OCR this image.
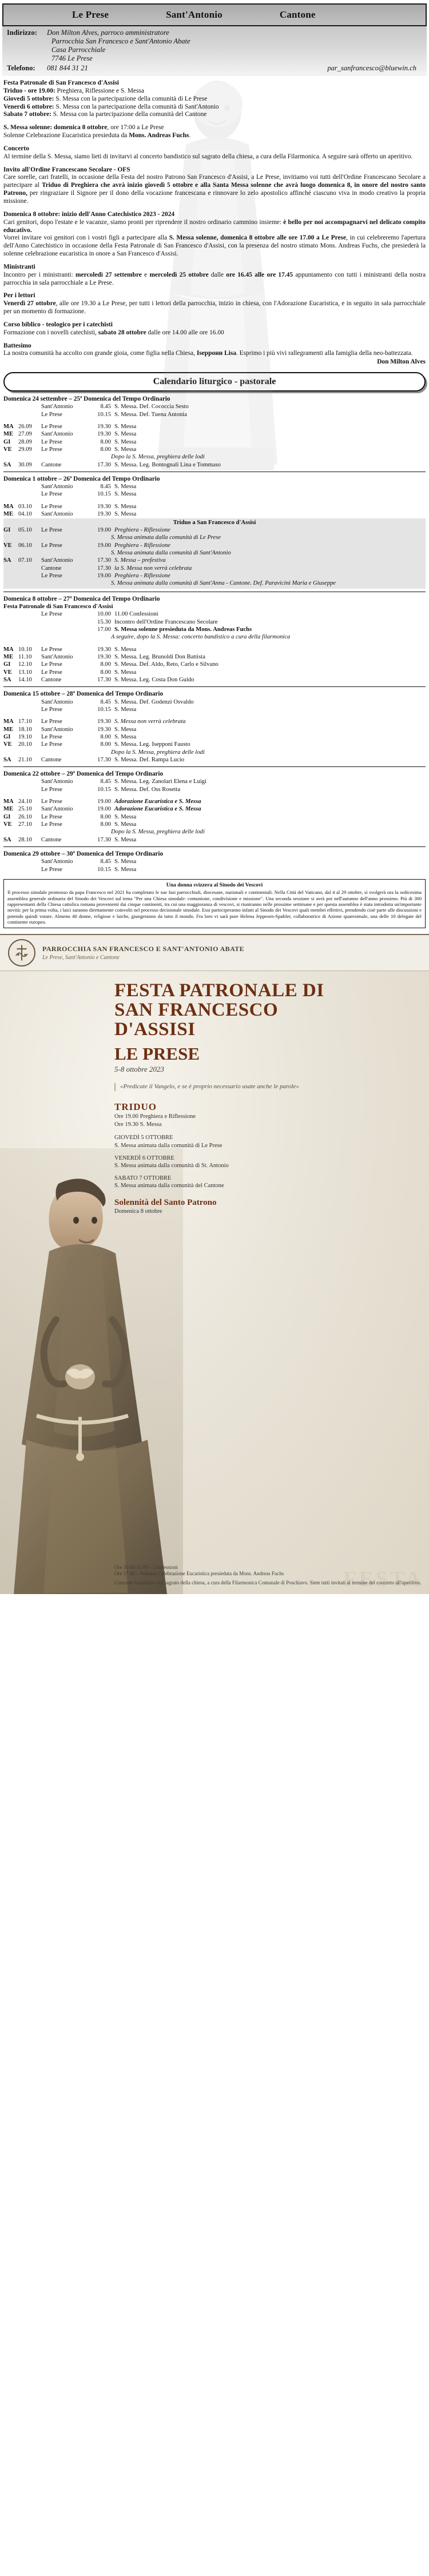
Le Prese	Sant'Antonio	Cantone
Indirizzo:	Don Milton Alves, parroco amministratore
Parrocchia San Francesco e Sant'Antonio Abate
Casa Parrocchiale
7746 Le Prese
Telefono:	081 844 31 21	par_sanfrancesco@bluewin.ch

Festa Patronale di San Francesco d'Assisi

Triduo - ore 19.00: Preghiera, Riflessione e S. Messa

Giovedì 5 ottobre: S. Messa con la partecipazione della comunità di Le Prese

Venerdì 6 ottobre: S. Messa con la partecipazione della comunità di Sant'Antonio

Sabato 7 ottobre: S. Messa con la partecipazione della comunità del Cantone

S. Messa solenne: domenica 8 ottobre, ore 17:00 a Le Prese

Solenne Celebrazione Eucaristica presieduta da Mons. Andreas Fuchs.

Concerto

Al termine della S. Messa, siamo lieti di invitarvi al concerto bandistico sul sagrato della chiesa, a cura della Filarmonica. A seguire sarà offerto un aperitivo.

Invito all'Ordine Francescano Secolare - OFS

Care sorelle, cari fratelli, in occasione della Festa del nostro Patrono San Francesco d'Assisi, a Le Prese, invitiamo voi tutti dell'Ordine Francescano Secolare a partecipare al Triduo di Preghiera che avrà inizio giovedì 5 ottobre e alla Santa Messa solenne che avrà luogo domenica 8, in onore del nostro santo Patrono, per ringraziare il Signore per il dono della vocazione francescana e rinnovare lo zelo apostolico affinché ciascuno viva in modo creativo la propria missione.

Domenica 8 ottobre: inizio dell'Anno Catechistico 2023 - 2024

Cari genitori, dopo l'estate e le vacanze, siamo pronti per riprendere il nostro ordinario cammino insieme: è bello per noi accompagnarvi nel delicato compito educativo.

Vorrei invitare voi genitori con i vostri figli a partecipare alla S. Messa solenne, domenica 8 ottobre alle ore 17.00 a Le Prese, in cui celebreremo l'apertura dell'Anno Catechistico in occasione della Festa Patronale di San Francesco d'Assisi, con la presenza del nostro stimato Mons. Andreas Fuchs, che presiederà la solenne celebrazione eucaristica in onore a San Francesco d'Assisi.

Ministranti

Incontro per i ministranti: mercoledì 27 settembre e mercoledì 25 ottobre dalle ore 16.45 alle ore 17.45 appuntamento con tutti i ministranti della nostra parrocchia in sala parrocchiale a Le Prese.

Per i lettori

Venerdì 27 ottobre, alle ore 19.30 a Le Prese, per tutti i lettori della parrocchia, inizio in chiesa, con l'Adorazione Eucaristica, e in seguito in sala parrocchiale per un momento di formazione.

Corso biblico - teologico per i catechisti

Formazione con i novelli catechisti, sabato 28 ottobre dalle ore 14.00 alle ore 16.00

Battesimo

La nostra comunità ha accolto con grande gioia, come figlia nella Chiesa, Iseppони Lisa. Esprimo i più vivi rallegramenti alla famiglia della neo-battezzata.

Don Milton Alves
Calendario liturgico - pastorale
Domenica 24 settembre – 25ª Domenica del Tempo Ordinario
Sant'Antonio	8.45 S. Messa. Def. Cococcia Sesto
Le Prese	10.15 S. Messa. Def. Tuena Antonia
MA 26.09	Le Prese	19.30 S. Messa
ME 27.09	Sant'Antonio	19.30 S. Messa
GI	28.09	Le Prese	8.00 S. Messa
VE	29.09	Le Prese	8.00 S. Messa
Dopo la S. Messa, preghiera delle lodi
SA	30.09	Cantone	17.30 S. Messa. Leg. Bontognali Lina e Tommaso
Domenica 1 ottobre – 26ª Domenica del Tempo Ordinario
Sant'Antonio	8.45 S. Messa
Le Prese	10.15 S. Messa
MA 03.10	Le Prese	19.30 S. Messa
ME 04.10	Sant'Antonio	19.30 S. Messa
Triduo a San Francesco d'Assisi
GI	05.10	Le Prese	19.00 Preghiera - Riflessione
S. Messa animata dalla comunità di Le Prese
VE	06.10	Le Prese	19.00 Preghiera - Riflessione
S. Messa animata dalla comunità di Sant'Antonio
SA	07.10	Sant'Antonio	17.30 S. Messa – prefestiva
Cantone	17.30 la S. Messa non verrà celebrata
Le Prese	19.00 Preghiera - Riflessione
S. Messa animata dalla comunità di Sant'Anna - Cantone. Def. Paravicini Maria e Giuseppe
Domenica 8 ottobre – 27ª Domenica del Tempo Ordinario
Festa Patronale di San Francesco d'Assisi
Le Prese	10.00 11.00 Confessioni
15.30 Incontro dell'Ordine Francescano Secolare
17.00 S. Messa solenne presieduta da Mons. Andreas Fuchs
A seguire, dopo la S. Messa: concerto bandistico a cura della filarmonica
MA 10.10	Le Prese	19.30 S. Messa
ME 11.10	Sant'Antonio	19.30 S. Messa. Leg. Brunoldi Don Battista
GI	12.10	Le Prese	8.00 S. Messa. Def. Aldo, Reto, Carlo e Silvano
VE	13.10	Le Prese	8.00 S. Messa
SA	14.10	Cantone	17.30 S. Messa. Leg. Costa Don Guido
Domenica 15 ottobre – 28ª Domenica del Tempo Ordinario
Sant'Antonio	8.45 S. Messa. Def. Godenzi Osvaldo
Le Prese	10.15 S. Messa
MA 17.10	Le Prese	19.30 S. Messa non verrà celebrata
ME 18.10	Sant'Antonio	19.30 S. Messa
GI	19.10	Le Prese	8.00 S. Messa
VE	20.10	Le Prese	8.00 S. Messa. Leg. Isepponi Fausto
Dopo la S. Messa, preghiera delle lodi
SA	21.10	Cantone	17.30 S. Messa. Def. Rampa Lucio
Domenica 22 ottobre – 29ª Domenica del Tempo Ordinario
Sant'Antonio	8.45 S. Messa. Leg. Zanolari Elena e Luigi
Le Prese	10.15 S. Messa. Def. Oss Rosetta
MA 24.10	Le Prese	19.00 Adorazione Eucaristica e S. Messa
ME 25.10	Sant'Antonio	19.00 Adorazione Eucaristica e S. Messa
GI	26.10	Le Prese	8.00 S. Messa
VE	27.10	Le Prese	8.00 S. Messa
Dopo la S. Messa, preghiera delle lodi
SA	28.10	Cantone	17.30 S. Messa
Domenica 29 ottobre – 30ª Domenica del Tempo Ordinario
Sant'Antonio	8.45 S. Messa
Le Prese	10.15 S. Messa
Una donna svizzera al Sinodo dei Vescovi
Il processo sinodale promosso da papa Francesco nel 2021 ha completato le sue fasi parrocchiali, diocesane, nazionali e continentali. Nella Città del Vaticano, dal 4 al 29 ottobre, si svolgerà ora la sedicesima assemblea generale ordinaria del Sinodo dei Vescovi sul tema "Per una Chiesa sinodale: comunione, condivisione e missione". Una seconda sessione si avrà poi nell'autunno dell'anno prossimo. Più di 300 rappresentanti della Chiesa cattolica romana provenienti dai cinque continenti, tra cui una maggioranza di vescovi, si riuniranno nelle prossime settimane e per questa assemblea è stata introdotta un'importante novità: per la prima volta, i laici saranno direttamente coinvolti nel processo decisionale sinodale. Essi parteciperanno infatti al Sinodo dei Vescovi quali membri effettivi, prendendo cioè parte alle discussioni e potendo quindi votare. Almeno 40 donne, religiose e laiche, giungeranno da tutto il mondo. Fra loro vi sarà pure Helena Jeppesen-Spuhler, collaboratrice di Azione quaresimale, una delle 10 delegate del continente europeo.
PARROCCHIA SAN FRANCESCO E SANT'ANTONIO ABATE
Le Prese, Sant'Antonio e Cantone
FESTA PATRONALE DI
SAN FRANCESCO
D'ASSISI
LE PRESE
5-8 ottobre 2023
«Predicate il Vangelo, e se è proprio necessario usate anche le parole»
TRIDUO
Ore 19.00 Preghiera e Riflessione
Ore 19.30 S. Messa
GIOVEDÌ 5 OTTOBRE
S. Messa animata dalla comunità di Le Prese
VENERDÌ 6 OTTOBRE
S. Messa animata dalla comunità di St. Antonio
SABATO 7 OTTOBRE
S. Messa animata dalla comunità del Cantone
Solennità del Santo Patrono
Domenica 8 ottobre
Ore 10.00-11.00 – Confessioni
Ore 17.00 – Solenne Celebrazione Eucaristica presieduta da Mons. Andreas Fuchs
Concerto bandistico sul sagrato della chiesa, a cura della Filarmonica Comunale di Poschiavo. Siete tutti invitati al termine del concerto all'aperitivo.
FESTA
